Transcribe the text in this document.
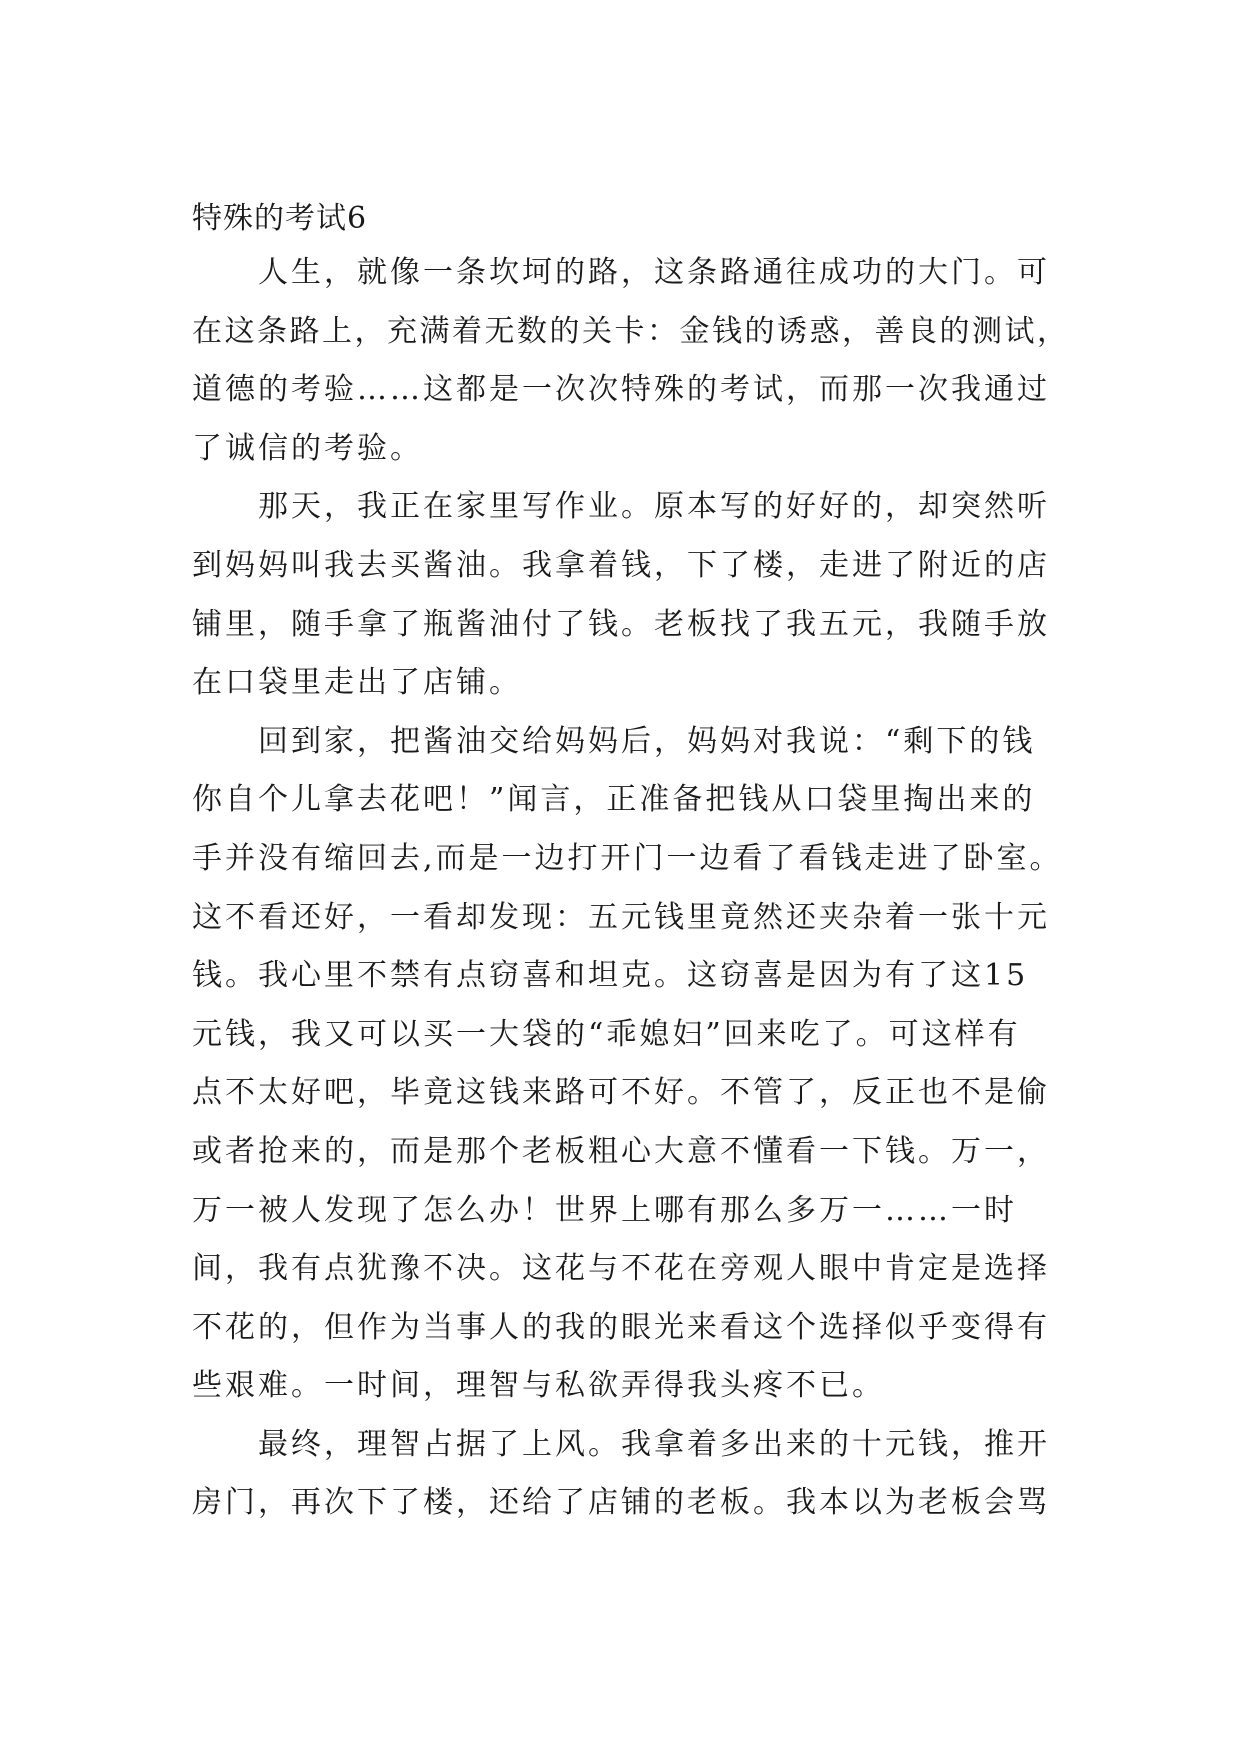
特殊的考试6
人生，就像一条坎坷的路，这条路通往成功的大门。可
在这条路上，充满着无数的关卡：金钱的诱惑，善良的测试，
道德的考验……这都是一次次特殊的考试，而那一次我通过
了诚信的考验。
那天，我正在家里写作业。原本写的好好的，却突然听
到妈妈叫我去买酱油。我拿着钱，下了楼，走进了附近的店
铺里，随手拿了瓶酱油付了钱。老板找了我五元，我随手放
在口袋里走出了店铺。
回到家，把酱油交给妈妈后，妈妈对我说：“剩下的钱
你自个儿拿去花吧！”闻言，正准备把钱从口袋里掏出来的
手并没有缩回去,而是一边打开门一边看了看钱走进了卧室。
这不看还好，一看却发现：五元钱里竟然还夹杂着一张十元
钱。我心里不禁有点窃喜和坦克。这窃喜是因为有了这15
元钱，我又可以买一大袋的“乖媳妇”回来吃了。可这样有
点不太好吧，毕竟这钱来路可不好。不管了，反正也不是偷
或者抢来的，而是那个老板粗心大意不懂看一下钱。万一，
万一被人发现了怎么办！世界上哪有那么多万一……一时
间，我有点犹豫不决。这花与不花在旁观人眼中肯定是选择
不花的，但作为当事人的我的眼光来看这个选择似乎变得有
些艰难。一时间，理智与私欲弄得我头疼不已。
最终，理智占据了上风。我拿着多出来的十元钱，推开
房门，再次下了楼，还给了店铺的老板。我本以为老板会骂
